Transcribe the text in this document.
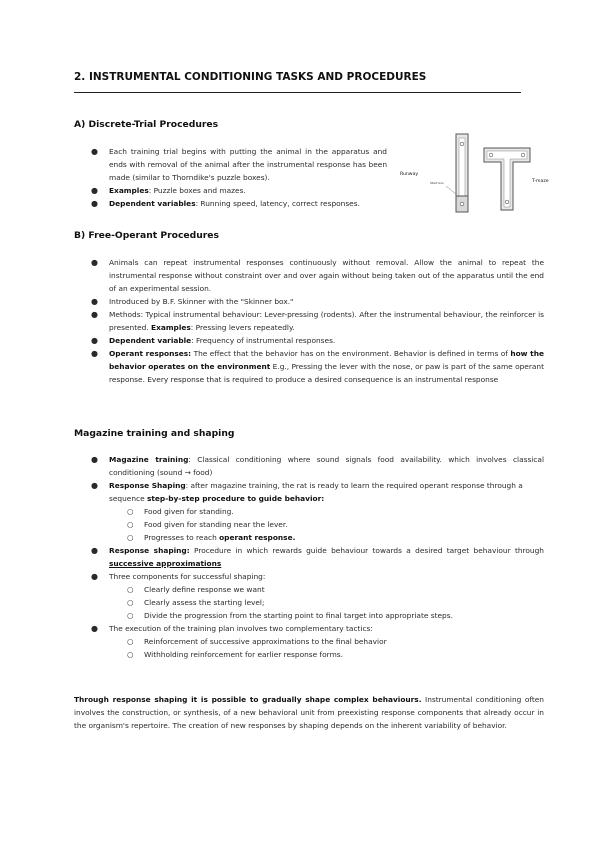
2. INSTRUMENTAL CONDITIONING TASKS AND PROCEDURES
A) Discrete-Trial Procedures
● Each training trial begins with putting the animal in the apparatus and ends with removal of the animal after the instrumental response has been made (similar to Thorndike's puzzle boxes).
● Examples: Puzzle boxes and mazes.
● Dependent variables: Running speed, latency, correct responses.
Runway
Start box	T-maze
B) Free-Operant Procedures
● Animals can repeat instrumental responses continuously without removal. Allow the animal to repeat the instrumental response without constraint over and over again without being taken out of the apparatus until the end of an experimental session.
● Introduced by B.F. Skinner with the "Skinner box."
● Methods: Typical instrumental behaviour: Lever-pressing (rodents). After the instrumental behaviour, the reinforcer is presented. Examples: Pressing levers repeatedly.
● Dependent variable: Frequency of instrumental responses.
● Operant responses: The effect that the behavior has on the environment. Behavior is defined in terms of how the behavior operates on the environment E.g., Pressing the lever with the nose, or paw is part of the same operant response. Every response that is required to produce a desired consequence is an instrumental response
Magazine training and shaping
● Magazine training: Classical conditioning where sound signals food availability. which involves classical conditioning (sound → food)
● Response Shaping: after magazine training, the rat is ready to learn the required operant response through a sequence step-by-step procedure to guide behavior:
○ Food given for standing.
○ Food given for standing near the lever.
○ Progresses to reach operant response.
● Response shaping: Procedure in which rewards guide behaviour towards a desired target behaviour through successive approximations
● Three components for successful shaping:
○ Clearly define response we want
○ Clearly assess the starting level;
○ Divide the progression from the starting point to final target into appropriate steps.
● The execution of the training plan involves two complementary tactics:
○ Reinforcement of successive approximations to the final behavior
○ Withholding reinforcement for earlier response forms.

Through response shaping it is possible to gradually shape complex behaviours. Instrumental conditioning often involves the construction, or synthesis, of a new behavioral unit from preexisting response components that already occur in the organism's repertoire. The creation of new responses by shaping depends on the inherent variability of behavior.
